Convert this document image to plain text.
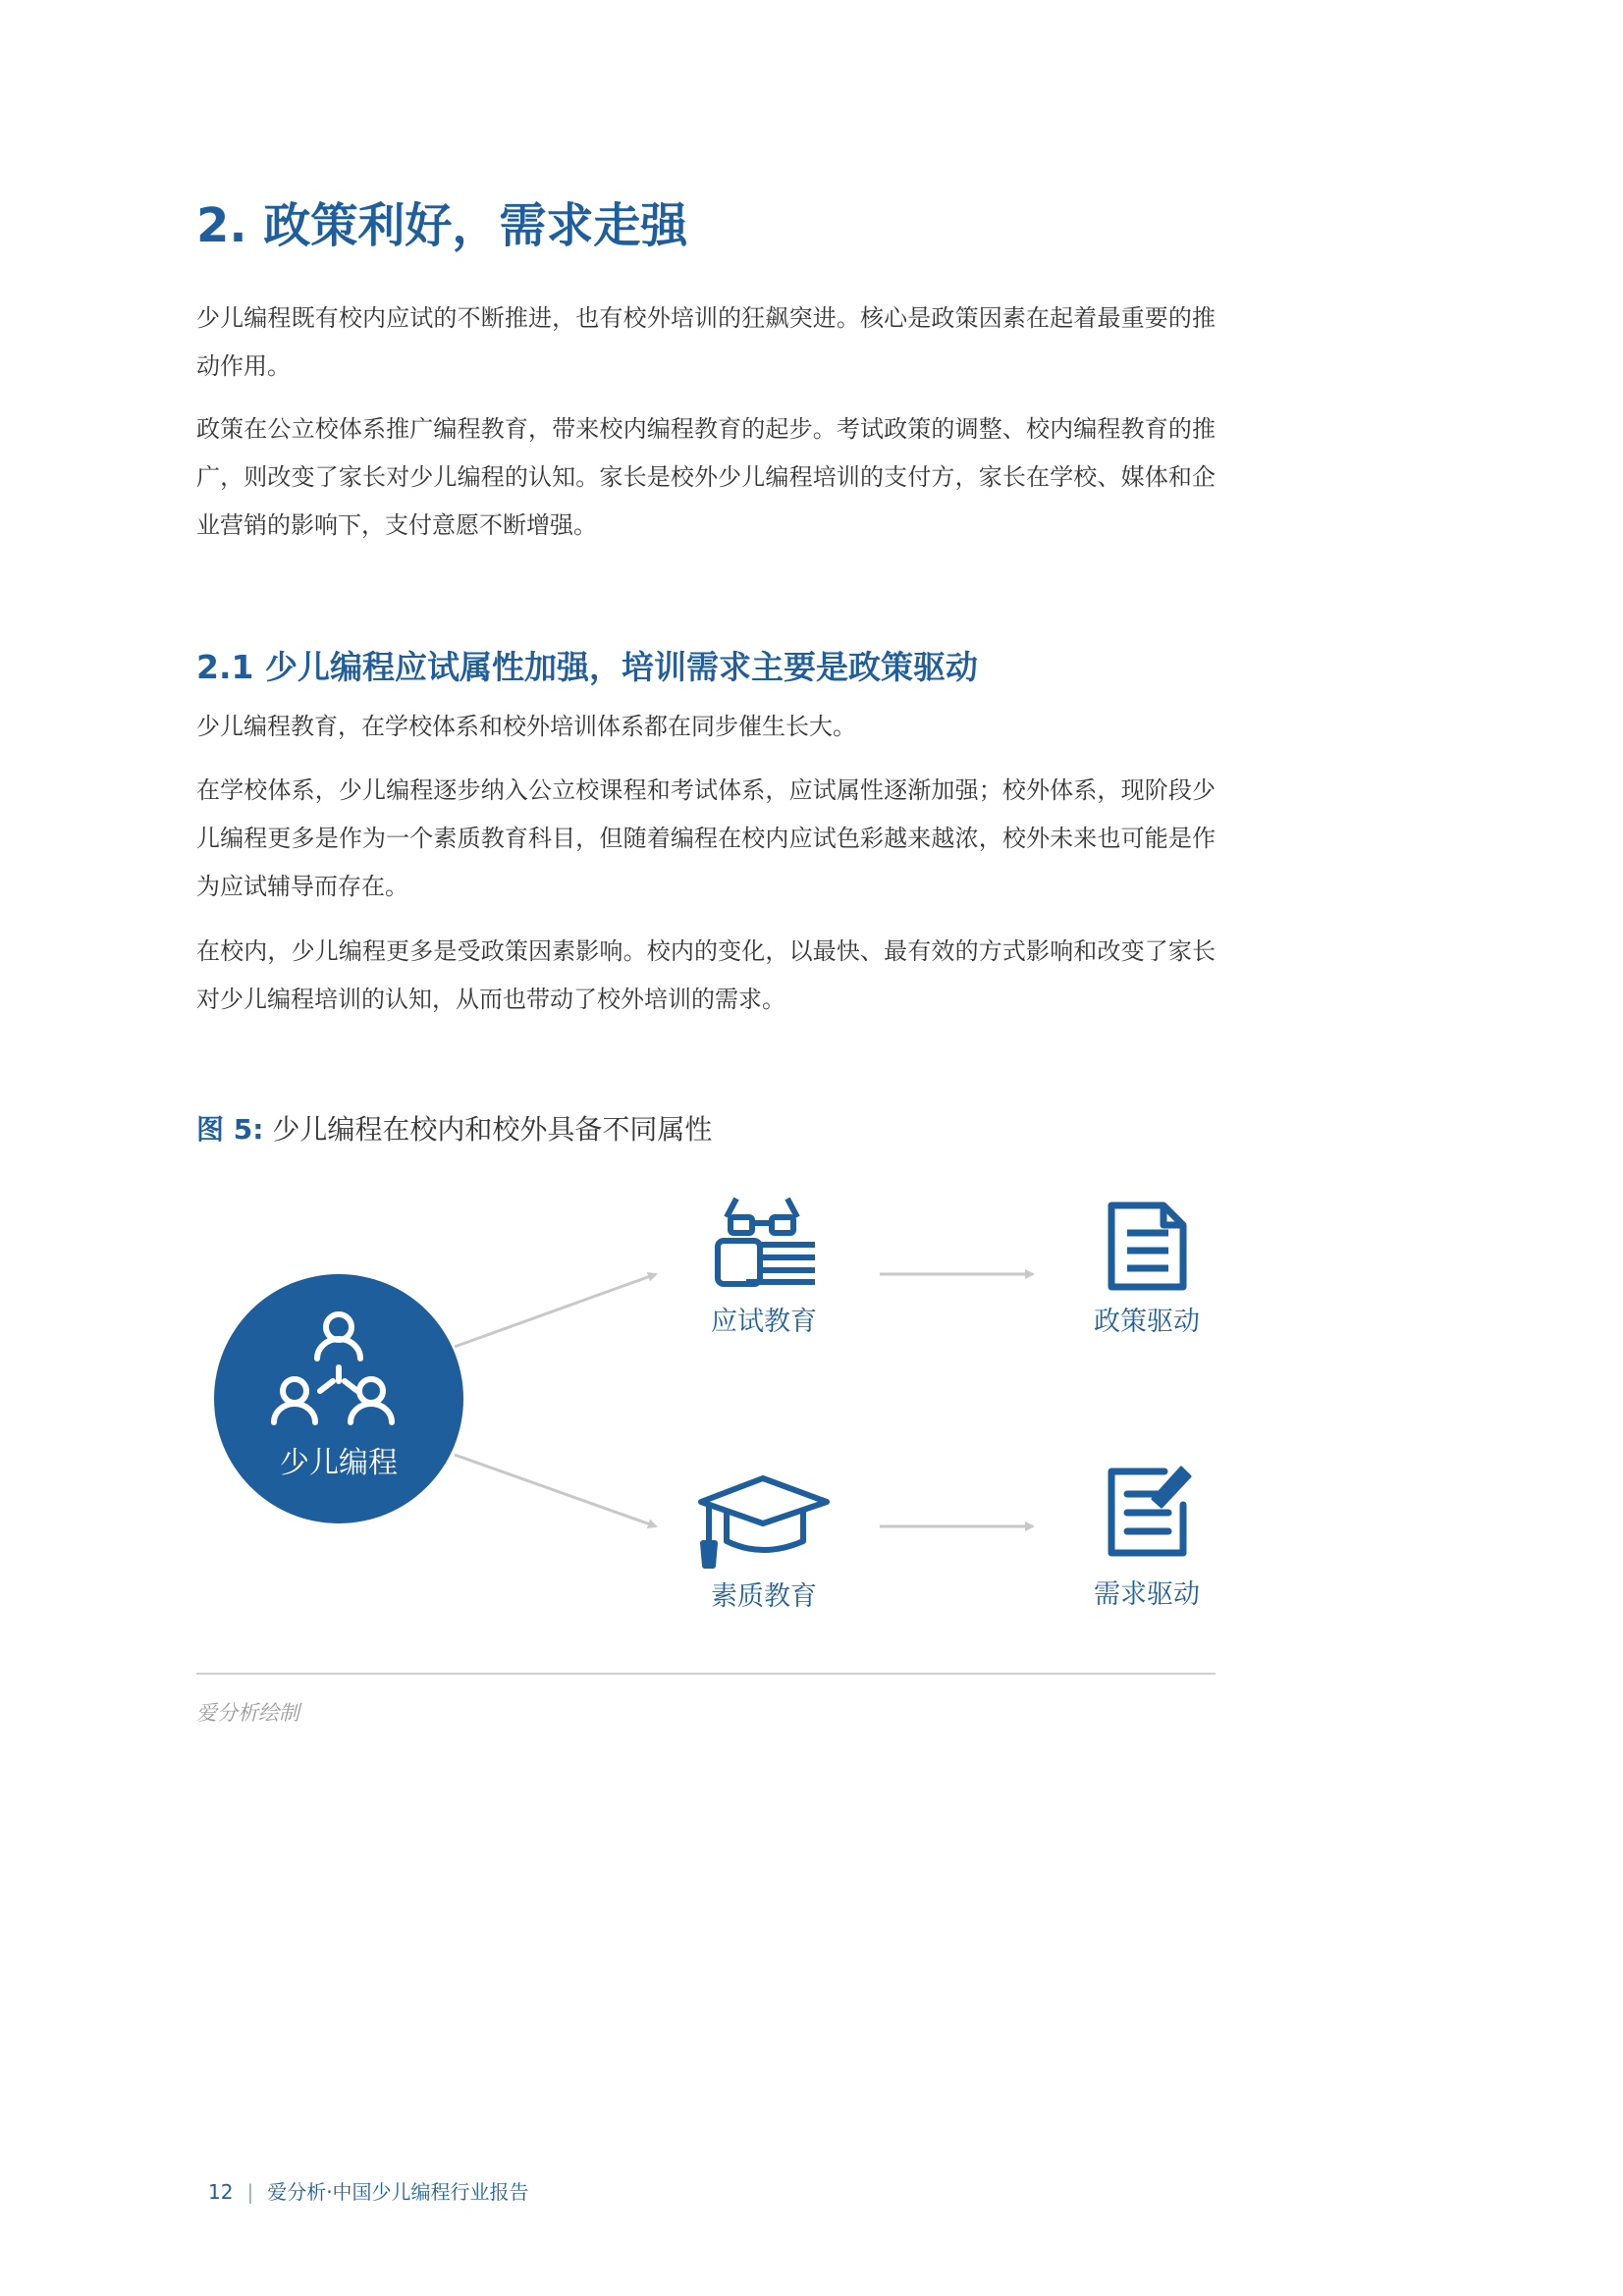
2. 政策利好，需求走强

少儿编程既有校内应试的不断推进，也有校外培训的狂飙突进。核心是政策因素在起着最重要的推动作用。

政策在公立校体系推广编程教育，带来校内编程教育的起步。考试政策的调整、校内编程教育的推广，则改变了家长对少儿编程的认知。家长是校外少儿编程培训的支付方，家长在学校、媒体和企业营销的影响下，支付意愿不断增强。

2.1 少儿编程应试属性加强，培训需求主要是政策驱动

少儿编程教育，在学校体系和校外培训体系都在同步催生长大。

在学校体系，少儿编程逐步纳入公立校课程和考试体系，应试属性逐渐加强；校外体系，现阶段少儿编程更多是作为一个素质教育科目，但随着编程在校内应试色彩越来越浓，校外未来也可能是作为应试辅导而存在。

在校内，少儿编程更多是受政策因素影响。校内的变化，以最快、最有效的方式影响和改变了家长对少儿编程培训的认知，从而也带动了校外培训的需求。

图 5: 少儿编程在校内和校外具备不同属性
少儿编程
应试教育	政策驱动
素质教育	需求驱动
爱分析绘制
12 | 爱分析·中国少儿编程行业报告
